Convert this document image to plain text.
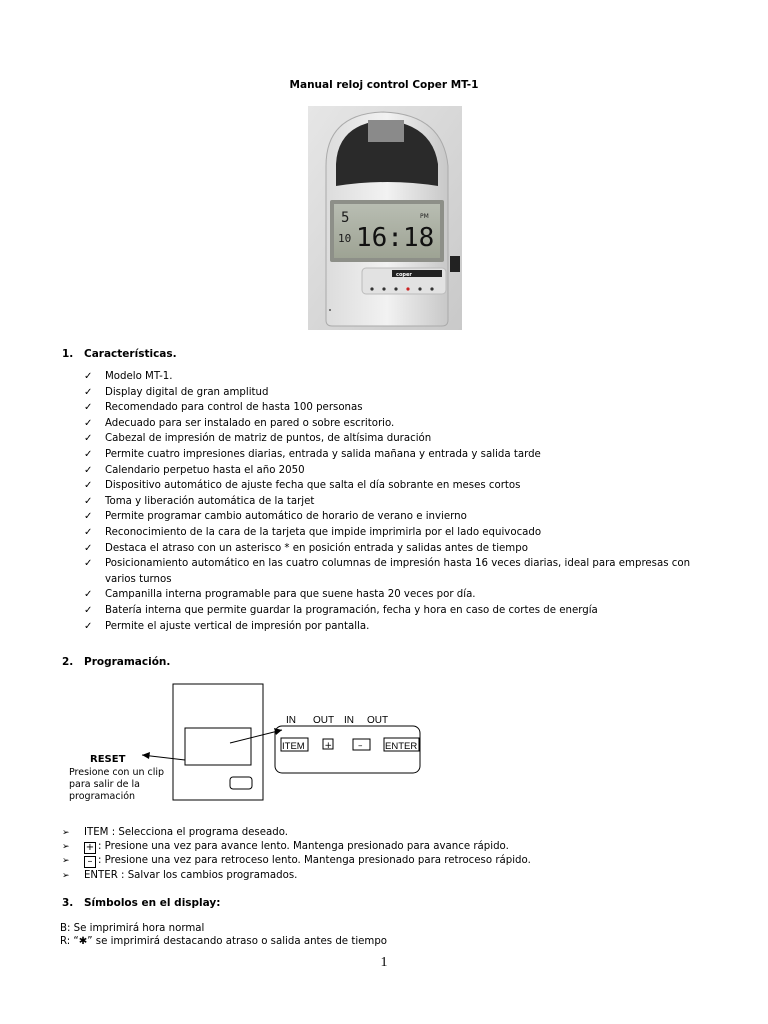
Manual reloj control Coper MT-1
5	PM
10 16:18
coper
1. Características.
✓ Modelo MT-1.
✓ Display digital de gran amplitud
✓ Recomendado para control de hasta 100 personas
✓ Adecuado para ser instalado en pared o sobre escritorio.
✓ Cabezal de impresión de matriz de puntos, de altísima duración
✓ Permite cuatro impresiones diarias, entrada y salida mañana y entrada y salida tarde
✓ Calendario perpetuo hasta el año 2050
✓ Dispositivo automático de ajuste fecha que salta el día sobrante en meses cortos
✓ Toma y liberación automática de la tarjet
✓ Permite programar cambio automático de horario de verano e invierno
✓ Reconocimiento de la cara de la tarjeta que impide imprimirla por el lado equivocado
✓ Destaca el atraso con un asterisco * en posición entrada y salidas antes de tiempo
✓ Posicionamiento automático en las cuatro columnas de impresión hasta 16 veces diarias, ideal para empresas con varios turnos
✓ Campanilla interna programable para que suene hasta 20 veces por día.
✓ Batería interna que permite guardar la programación, fecha y hora en caso de cortes de energía
✓ Permite el ajuste vertical de impresión por pantalla.
2. Programación.
IN OUT IN OUT
ITEM +	– ENTER
RESET
Presione con un clip
para salir de la
programación
➢ ITEM : Selecciona el programa deseado.
➢ + : Presione una vez para avance lento. Mantenga presionado para avance rápido.
➢ – : Presione una vez para retroceso lento. Mantenga presionado para retroceso rápido.
➢ ENTER : Salvar los cambios programados.
3. Símbolos en el display:
B: Se imprimirá hora normal
R: “✱” se imprimirá destacando atraso o salida antes de tiempo
1
